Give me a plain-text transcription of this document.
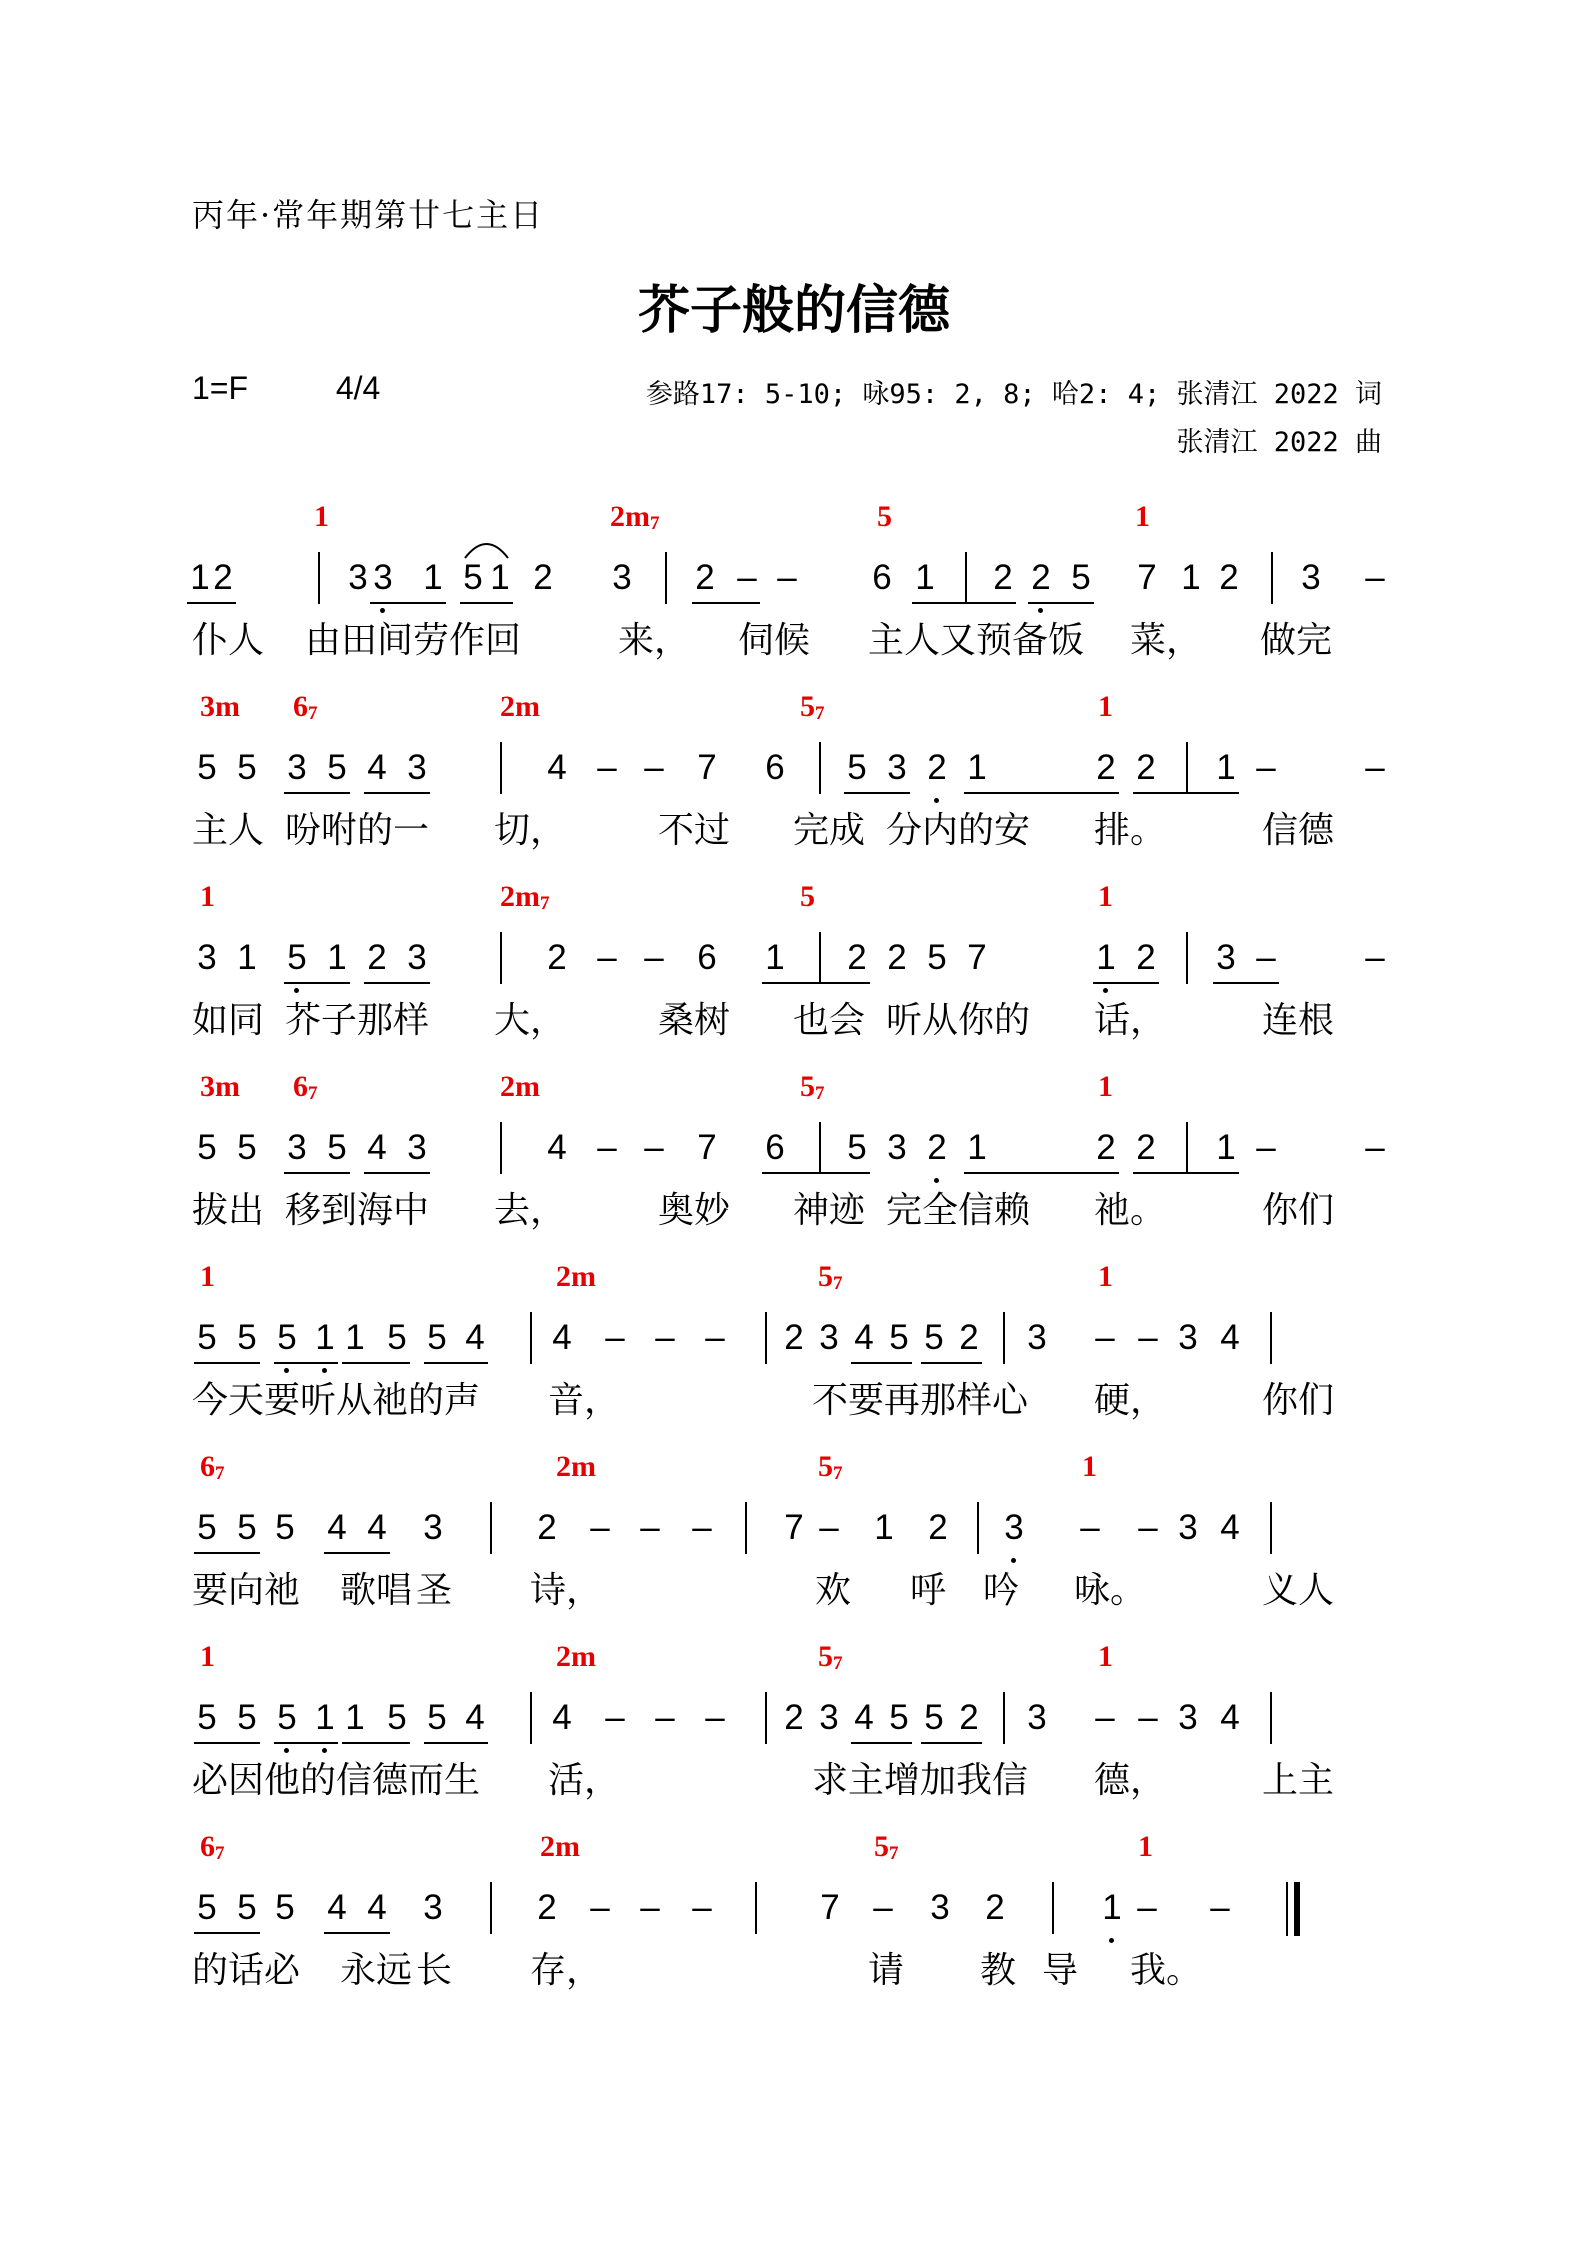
丙年·常年期第廿七主日
芥子般的信德
1=F	4/4	参路17: 5-10; 咏95: 2, 8; 哈2: 4; 张清江 2022 词
张清江 2022 曲
1	$2m_7$	5	1
1 2	3 3 1 5 1 2 3 2 – – 6 1 2 2 5 7 1 2 3 –
仆人 由田间劳作回	来， 伺候 主人又预备饭 菜， 做完
3m $6_7$	2m	$5_7$	1
5 5 3 5 4 3	4 – – 7 6 5 3 2 1	2 2 1 –	–
主人 吩咐的一 切，	不过 完成 分内的安 排。	信德
1	$2m_7$	5	1
3 1 5 1 2 3	2 – – 6 1 2 2 5 7	1 2 3 –	–
如同 芥子那样 大，	桑树 也会 听从你的 话，	连根
3m $6_7$	2m	$5_7$	1
5 5 3 5 4 3	4 – – 7 6 5 3 2 1	2 2 1 –	–
拔出 移到海中 去，	奥妙 神迹 完全信赖 祂。	你们
1	2m	$5_7$	1
5 5 5 1 1 5 5 4 4 – – – 2 3 4 5 5 2 3 – – 3 4
今天要听从祂的声 音，	不要再那样心 硬，	你们
$6_7$	2m	$5_7$	1
5 5 5 4 4 3	2 – – – 7 – 1 2 3 – – 3 4
要向祂 歌唱 圣 诗，	欢 呼 吟 咏。	义人
1	2m	$5_7$	1
5 5 5 1 1 5 5 4 4 – – – 2 3 4 5 5 2 3 – – 3 4
必因他的信德而生 活，	求主增加我信 德，	上主
$6_7$	2m	$5_7$	1
5 5 5 4 4 3	2 – – –	7 – 3 2	1 – –
的话必 永远 长 存，	请 教 导 我。
